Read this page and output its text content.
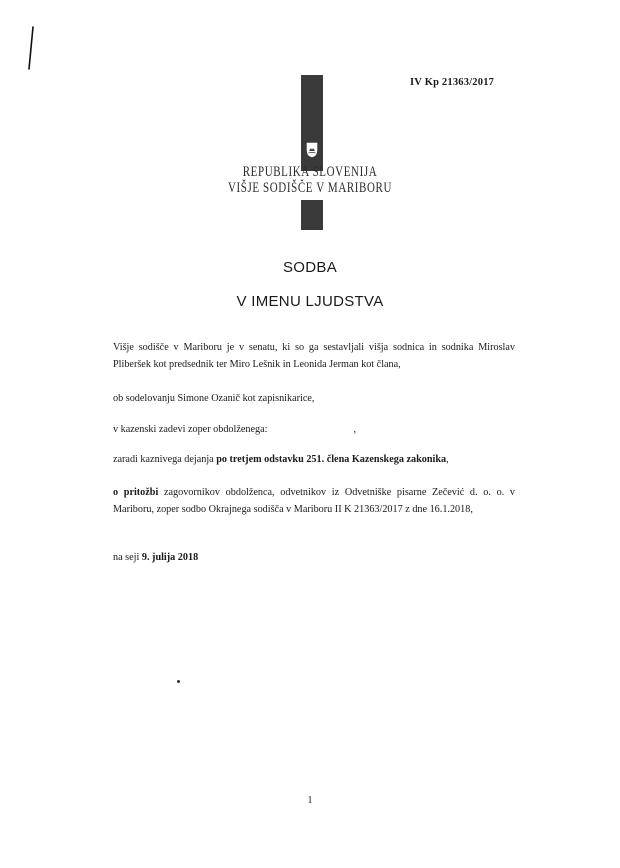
IV Kp 21363/2017
REPUBLIKA SLOVENIJA
VIŠJE SODIŠČE V MARIBORU
SODBA
V IMENU LJUDSTVA
Višje sodišče v Mariboru je v senatu, ki so ga sestavljali višja sodnica in sodnika Miroslav Pliberšek kot predsednik ter Miro Lešnik in Leonida Jerman kot člana,
ob sodelovanju Simone Ozanič kot zapisnikarice,
v kazenski zadevi zoper obdolženega:	,
zaradi kaznivega dejanja po tretjem odstavku 251. člena Kazenskega zakonika,
o pritožbi zagovornikov obdolženca, odvetnikov iz Odvetniške pisarne Zečević d. o. o. v Mariboru, zoper sodbo Okrajnega sodišča v Mariboru II K 21363/2017 z dne 16.1.2018,
na seji 9. julija 2018
1
